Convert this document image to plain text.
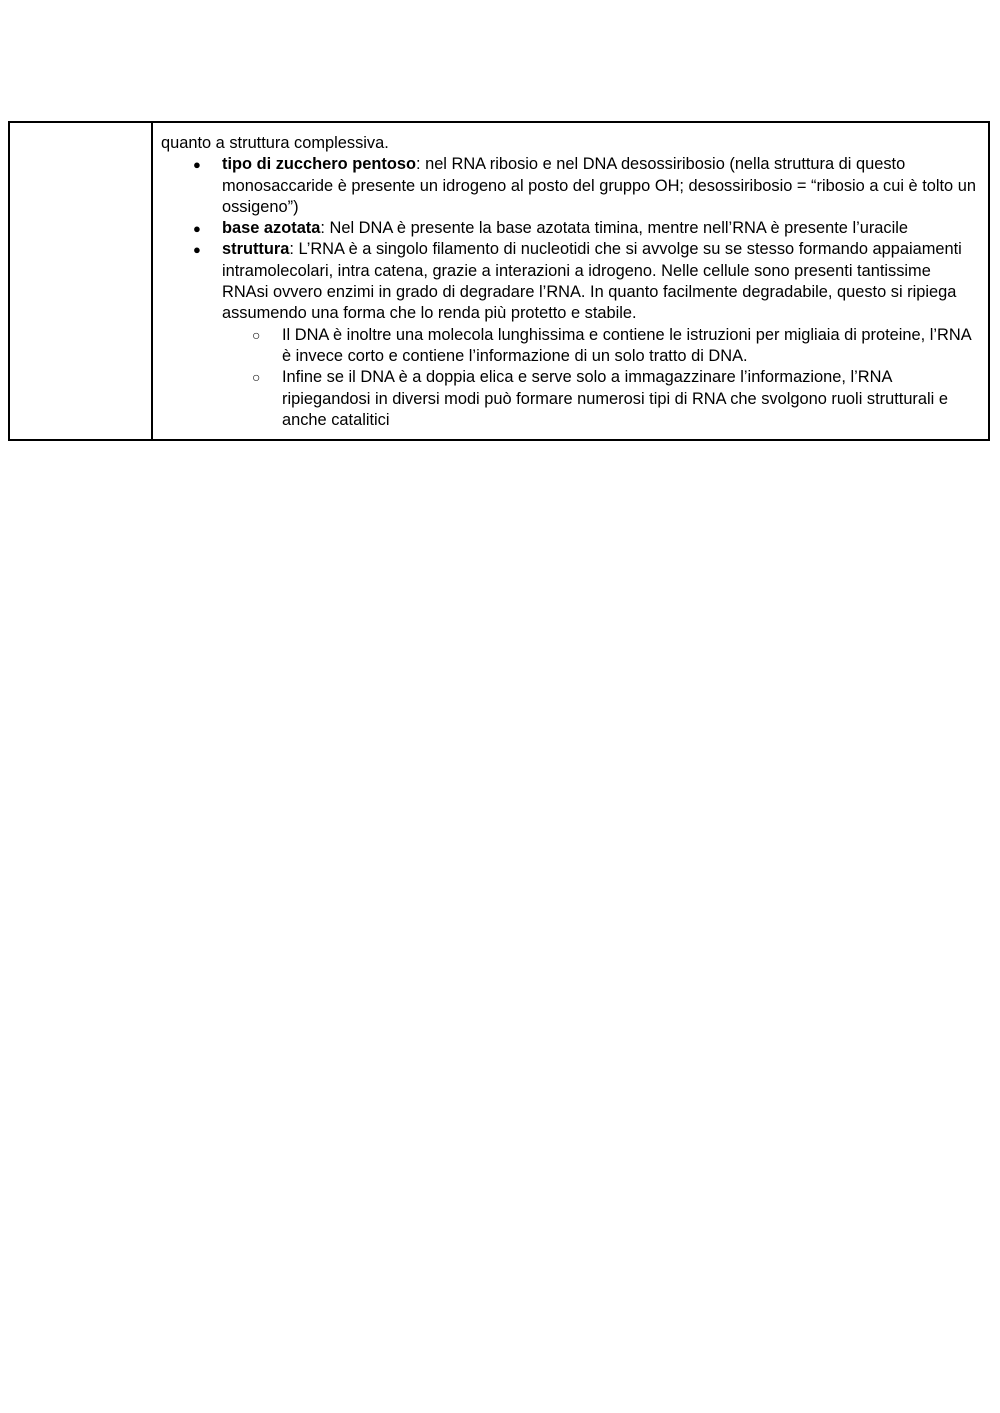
quanto a struttura complessiva.

● tipo di zucchero pentoso: nel RNA ribosio e nel DNA desossiribosio (nella struttura di questo monosaccaride è presente un idrogeno al posto del gruppo OH; desossiribosio = “ribosio a cui è tolto un ossigeno”)
● base azotata: Nel DNA è presente la base azotata timina, mentre nell’RNA è presente l’uracile
● struttura: L’RNA è a singolo filamento di nucleotidi che si avvolge su se stesso formando appaiamenti intramolecolari, intra catena, grazie a interazioni a idrogeno. Nelle cellule sono presenti tantissime RNAsi ovvero enzimi in grado di degradare l’RNA. In quanto facilmente degradabile, questo si ripiega assumendo una forma che lo renda più protetto e stabile.
○ Il DNA è inoltre una molecola lunghissima e contiene le istruzioni per migliaia di proteine, l’RNA è invece corto e contiene l’informazione di un solo tratto di DNA.
○ Infine se il DNA è a doppia elica e serve solo a immagazzinare l’informazione, l’RNA ripiegandosi in diversi modi può formare numerosi tipi di RNA che svolgono ruoli strutturali e anche catalitici
